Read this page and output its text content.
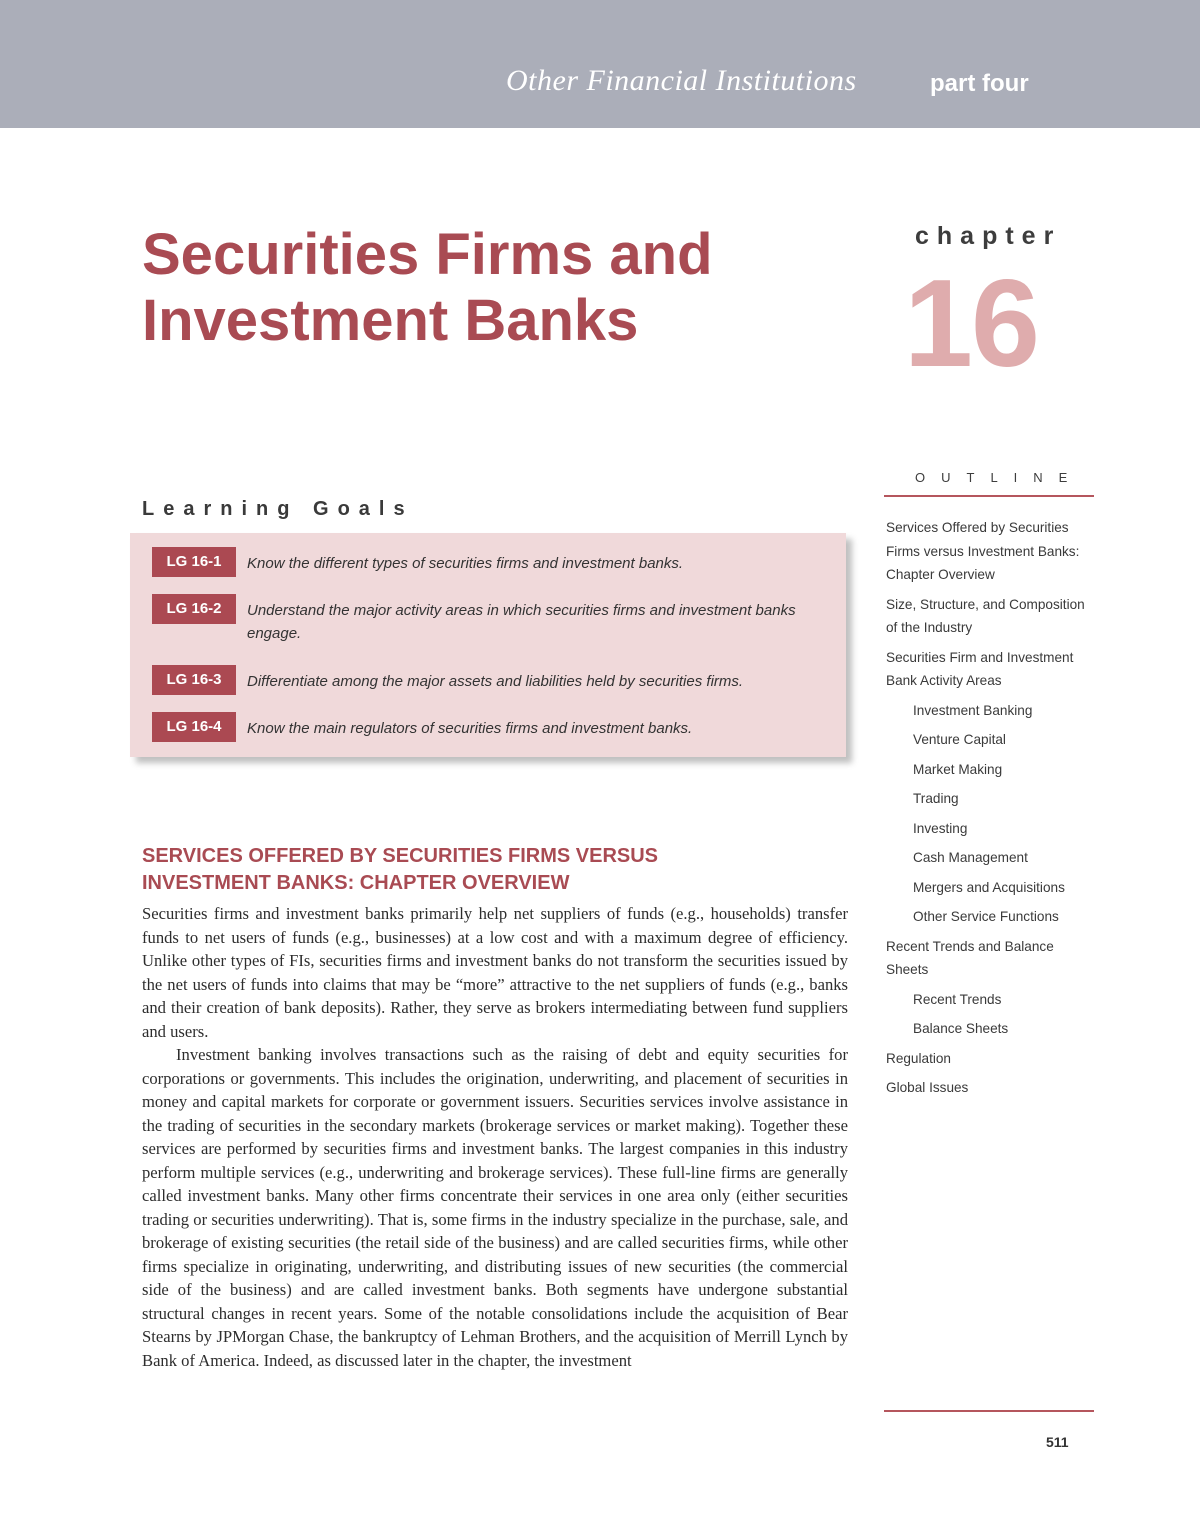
Other Financial Institutions	part four
Securities Firms and
Investment Banks
chapter
16
Learning Goals
LG 16-1	Know the different types of securities firms and investment banks.
LG 16-2	Understand the major activity areas in which securities firms and investment banks engage.
LG 16-3	Differentiate among the major assets and liabilities held by securities firms.
LG 16-4	Know the main regulators of securities firms and investment banks.
SERVICES OFFERED BY SECURITIES FIRMS VERSUS
INVESTMENT BANKS: CHAPTER OVERVIEW

Securities firms and investment banks primarily help net suppliers of funds (e.g., households) transfer funds to net users of funds (e.g., businesses) at a low cost and with a maximum degree of efficiency. Unlike other types of FIs, securities firms and investment banks do not transform the securities issued by the net users of funds into claims that may be “more” attractive to the net suppliers of funds (e.g., banks and their creation of bank deposits). Rather, they serve as brokers intermediating between fund suppliers and users.

Investment banking involves transactions such as the raising of debt and equity securities for corporations or governments. This includes the origination, underwriting, and placement of securities in money and capital markets for corporate or government issuers. Securities services involve assistance in the trading of securities in the secondary markets (brokerage services or market making). Together these services are performed by securities firms and investment banks. The largest companies in this industry perform multiple services (e.g., underwriting and brokerage services). These full-line firms are generally called investment banks. Many other firms concentrate their services in one area only (either securities trading or securities underwriting). That is, some firms in the industry specialize in the purchase, sale, and brokerage of existing securities (the retail side of the business) and are called securities firms, while other firms specialize in originating, underwriting, and distributing issues of new securities (the commercial side of the business) and are called investment banks. Both segments have undergone substantial structural changes in recent years. Some of the notable consolidations include the acquisition of Bear Stearns by JPMorgan Chase, the bankruptcy of Lehman Brothers, and the acquisition of Merrill Lynch by Bank of America. Indeed, as discussed later in the chapter, the investment

OUTLINE
Services Offered by Securities Firms versus Investment Banks: Chapter Overview
Size, Structure, and Composition of the Industry
Securities Firm and Investment Bank Activity Areas
Investment Banking
Venture Capital
Market Making
Trading
Investing
Cash Management
Mergers and Acquisitions
Other Service Functions
Recent Trends and Balance Sheets
Recent Trends
Balance Sheets
Regulation
Global Issues
511
